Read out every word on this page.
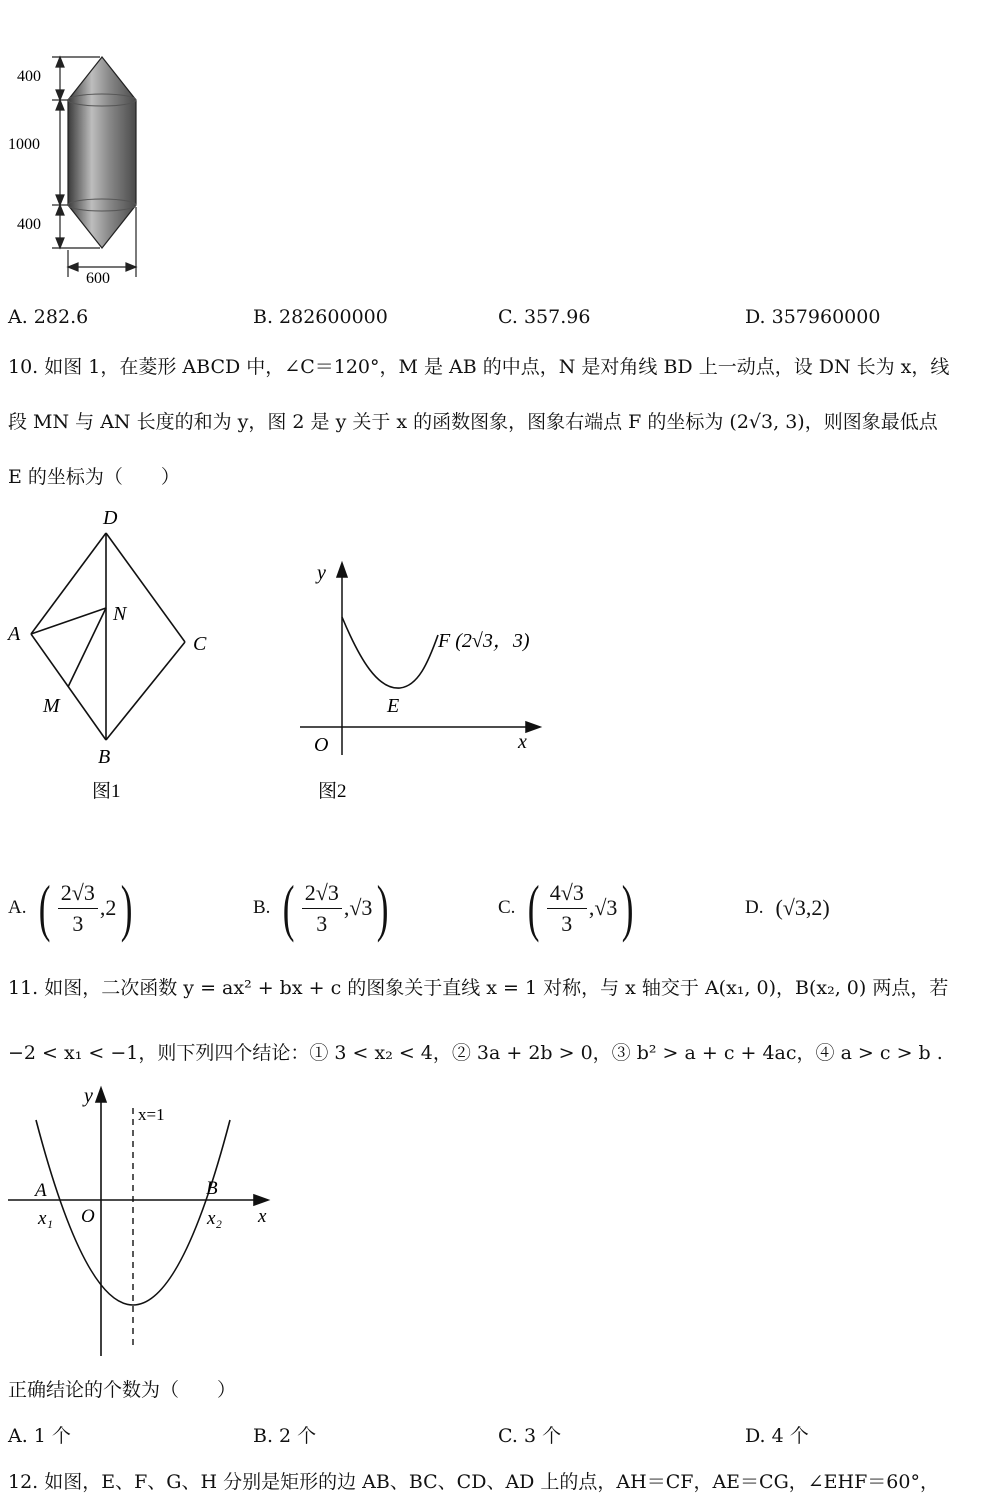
400
1000
400
600
A. 282.6	B. 282600000	C. 357.96	D. 357960000
10. 如图 1，在菱形 ABCD 中，∠C＝120°，M 是 AB 的中点，N 是对角线 BD 上一动点，设 DN 长为 x，线
段 MN 与 AN 长度的和为 y，图 2 是 y 关于 x 的函数图象，图象右端点 F 的坐标为 (2√3, 3)，则图象最低点
E 的坐标为（　　）
D
N
A	C
M
B
图1
y
F (2√3，3)
E
O	x
图2
A. ( $\frac{2√3}{3} ,2$ )	B. ( $\frac{2√3}{3} ,√3$ )	C. ( $\frac{4√3}{3} ,√3$ )	D. (√3,2)
11. 如图，二次函数 y = ax² + bx + c 的图象关于直线 x = 1 对称，与 x 轴交于 A(x₁, 0)，B(x₂, 0) 两点，若
−2 < x₁ < −1，则下列四个结论：① 3 < x₂ < 4，② 3a + 2b > 0，③ b² > a + c + 4ac，④ a > c > b .
y
x=1
A	B
x₁ O	x₂ x
正确结论的个数为（　　）
A. 1 个	B. 2 个	C. 3 个	D. 4 个
12. 如图，E、F、G、H 分别是矩形的边 AB、BC、CD、AD 上的点，AH＝CF，AE＝CG，∠EHF＝60°，
